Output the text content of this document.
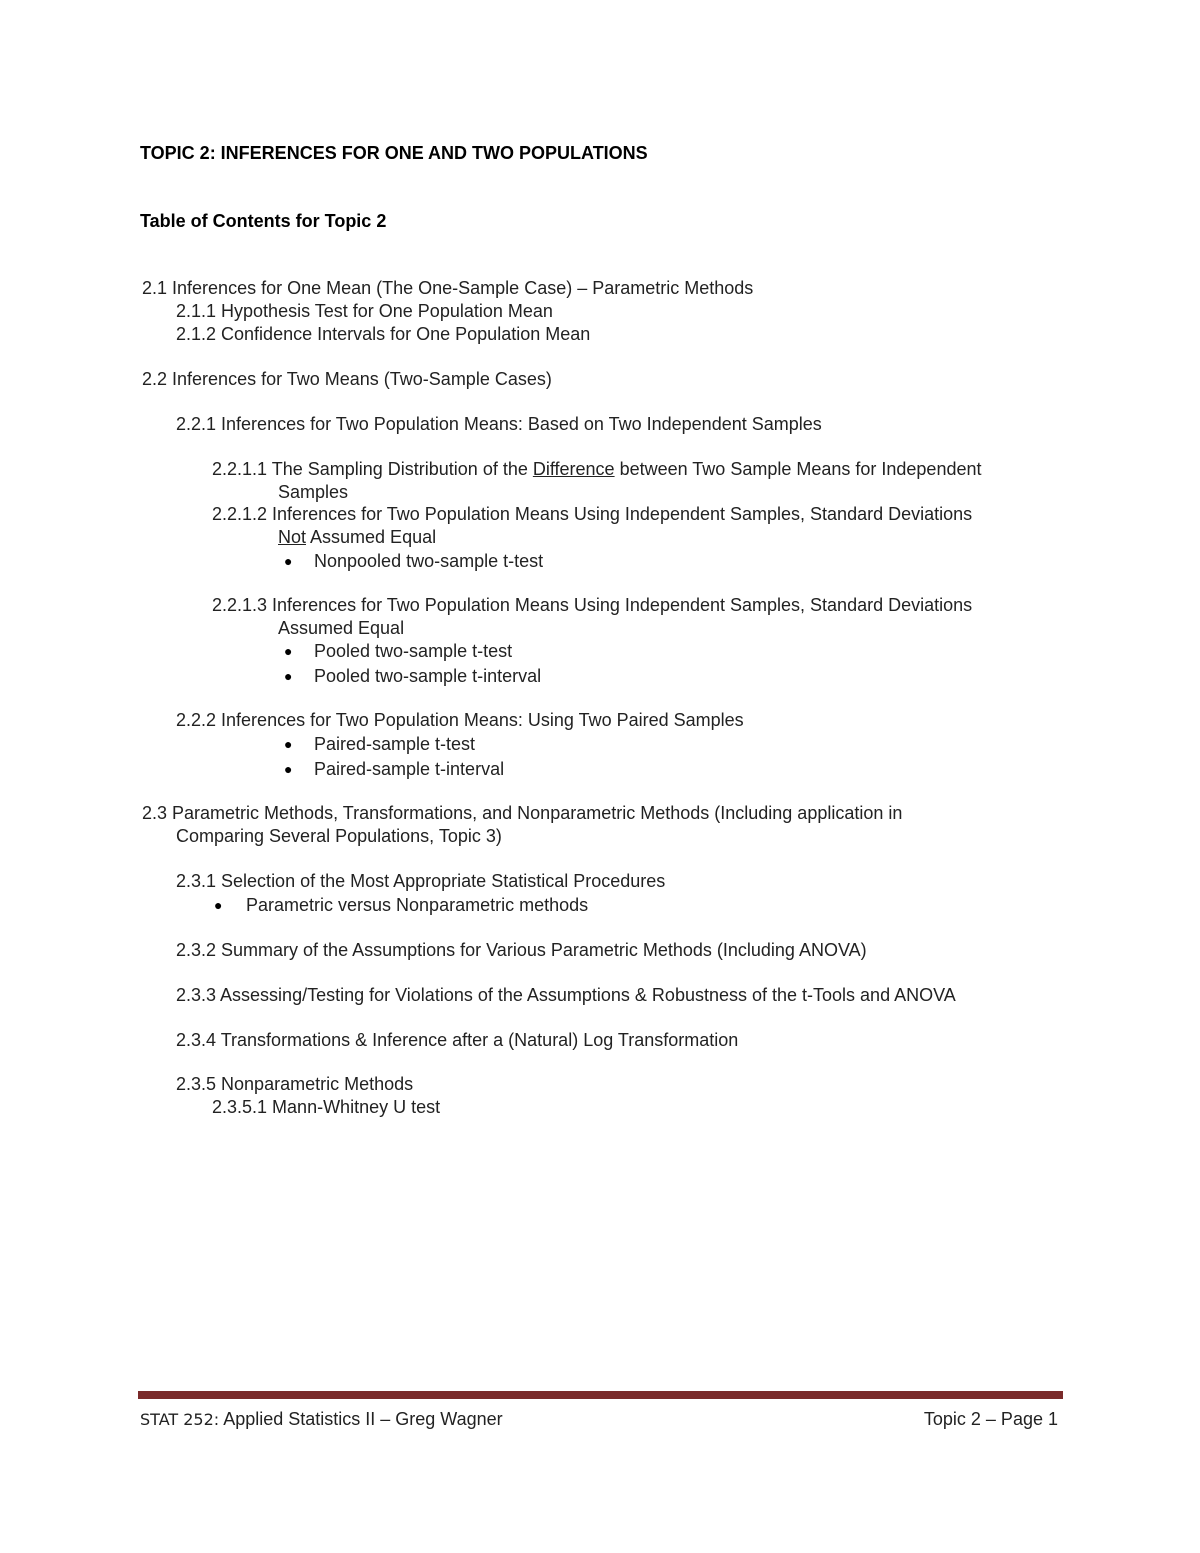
TOPIC 2: INFERENCES FOR ONE AND TWO POPULATIONS
Table of Contents for Topic 2
2.1 Inferences for One Mean (The One-Sample Case) – Parametric Methods
2.1.1 Hypothesis Test for One Population Mean
2.1.2 Confidence Intervals for One Population Mean
2.2 Inferences for Two Means (Two-Sample Cases)
2.2.1 Inferences for Two Population Means: Based on Two Independent Samples
2.2.1.1 The Sampling Distribution of the Difference between Two Sample Means for Independent
Samples
2.2.1.2 Inferences for Two Population Means Using Independent Samples, Standard Deviations
Not Assumed Equal
● Nonpooled two-sample t-test
2.2.1.3 Inferences for Two Population Means Using Independent Samples, Standard Deviations
Assumed Equal
● Pooled two-sample t-test
● Pooled two-sample t-interval
2.2.2 Inferences for Two Population Means: Using Two Paired Samples
● Paired-sample t-test
● Paired-sample t-interval
2.3 Parametric Methods, Transformations, and Nonparametric Methods (Including application in
Comparing Several Populations, Topic 3)
2.3.1 Selection of the Most Appropriate Statistical Procedures
● Parametric versus Nonparametric methods
2.3.2 Summary of the Assumptions for Various Parametric Methods (Including ANOVA)
2.3.3 Assessing/Testing for Violations of the Assumptions & Robustness of the t-Tools and ANOVA
2.3.4 Transformations & Inference after a (Natural) Log Transformation
2.3.5 Nonparametric Methods
2.3.5.1 Mann-Whitney U test
STAT 252: Applied Statistics II – Greg Wagner	Topic 2 – Page 1
